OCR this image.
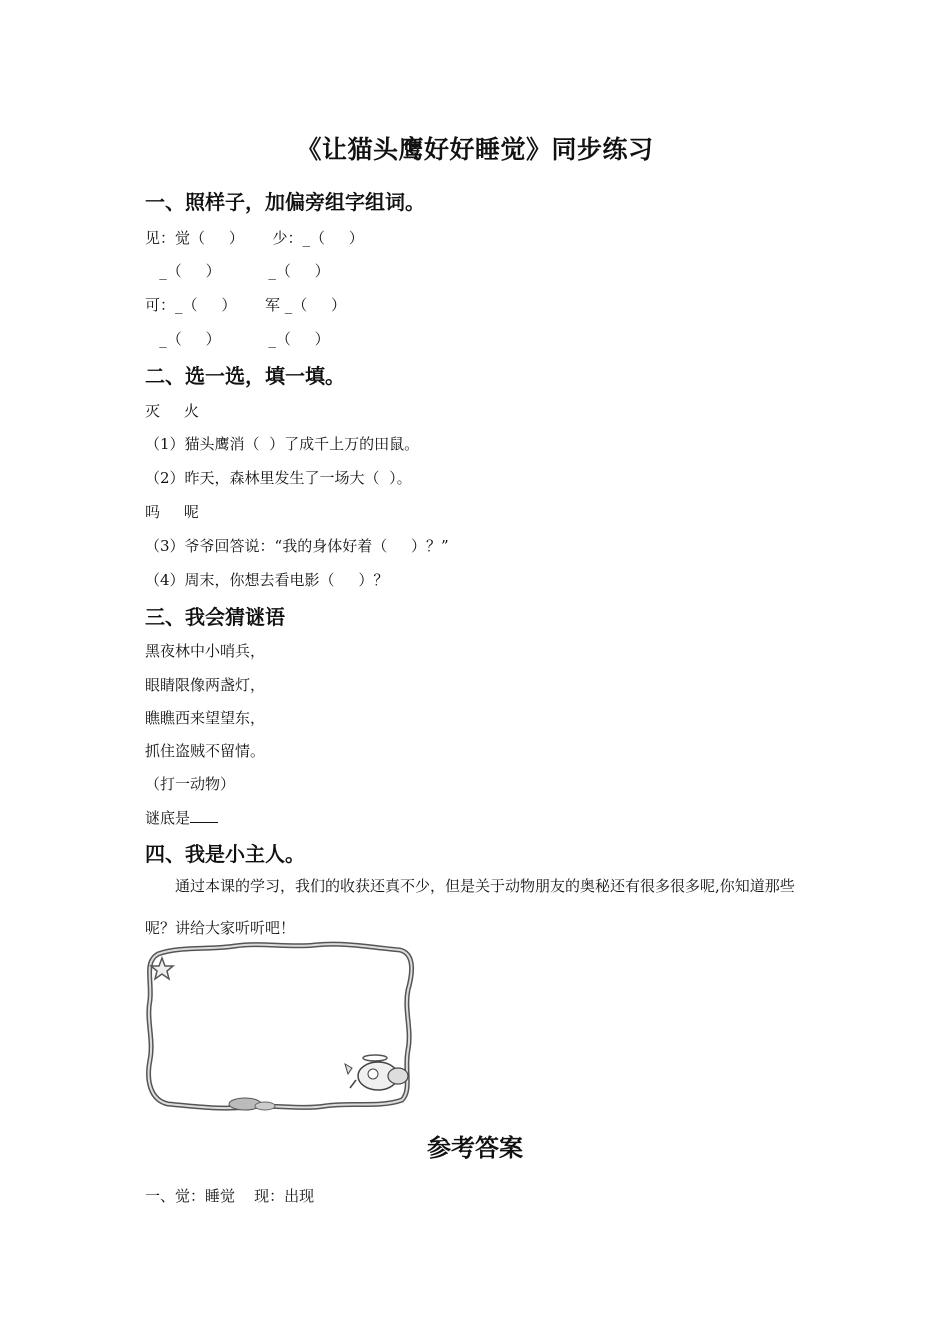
《让猫头鹰好好睡觉》同步练习
一、照样子，加偏旁组字组词。
见：觉（     ）      少：_（     ）
_（     ）          _（     ）
可：_（     ）      军 _（     ）
_（     ）          _（     ）
二、选一选，填一填。
灭     火
（1）猫头鹰消（  ）了成千上万的田鼠。
（2）昨天，森林里发生了一场大（  ）。
吗     呢
（3）爷爷回答说：“我的身体好着（     ）？”
（4）周末，你想去看电影（     ）？
三、我会猜谜语
黑夜林中小哨兵，
眼睛限像两盏灯，
瞧瞧西来望望东，
抓住盗贼不留情。
（打一动物）
谜底是
四、我是小主人。
通过本课的学习，我们的收获还真不少，但是关于动物朋友的奥秘还有很多很多呢,你知道那些呢？讲给大家听听吧！
参考答案
一、觉：睡觉    现：出现
